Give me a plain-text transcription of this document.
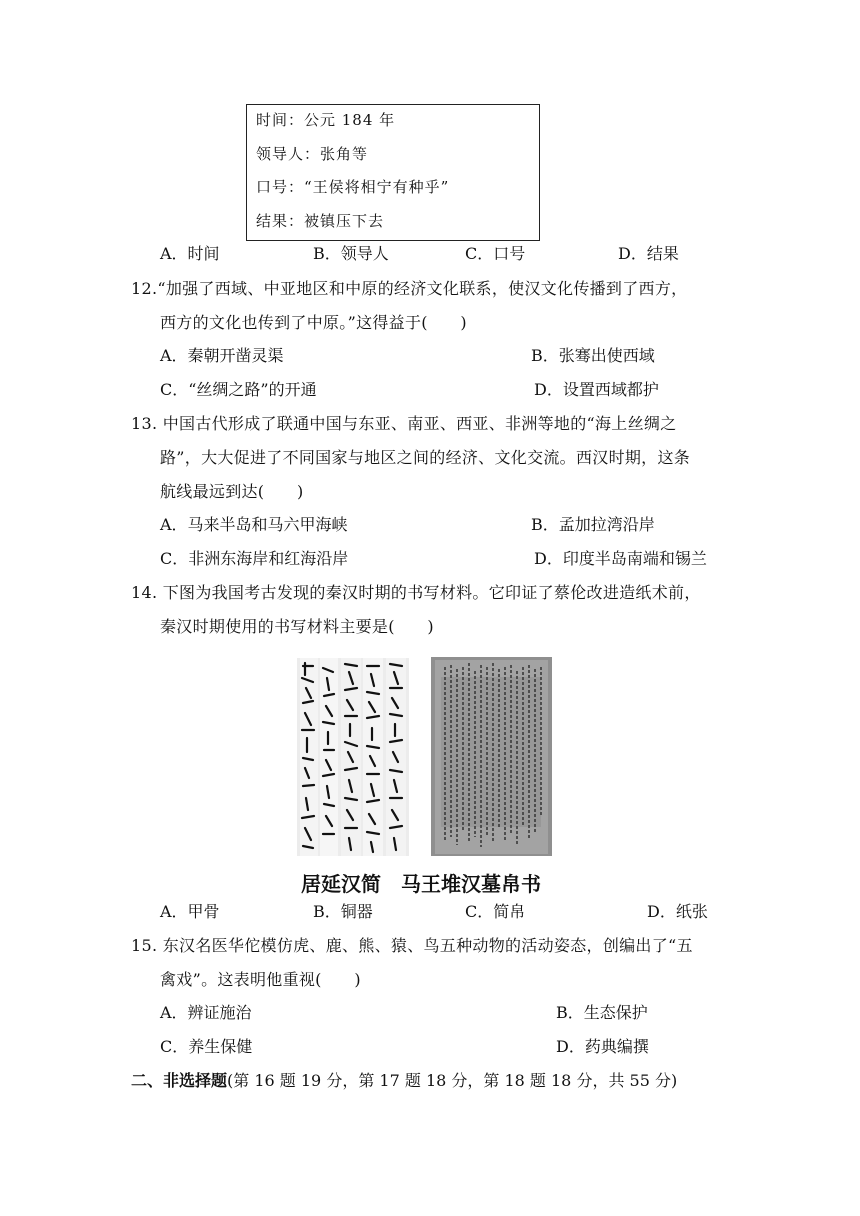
时间：公元 184 年
领导人：张角等
口号：“王侯将相宁有种乎”
结果：被镇压下去
A．时间	B．领导人	C．口号	D．结果
12.“加强了西域、中亚地区和中原的经济文化联系，使汉文化传播到了西方，
西方的文化也传到了中原。”这得益于(　　)
A．秦朝开凿灵渠	B．张骞出使西域
C．“丝绸之路”的开通	D．设置西域都护
13. 中国古代形成了联通中国与东亚、南亚、西亚、非洲等地的“海上丝绸之
路”，大大促进了不同国家与地区之间的经济、文化交流。西汉时期，这条
航线最远到达(　　)
A．马来半岛和马六甲海峡	B．孟加拉湾沿岸
C．非洲东海岸和红海沿岸	D．印度半岛南端和锡兰
14. 下图为我国考古发现的秦汉时期的书写材料。它印证了蔡伦改进造纸术前，
秦汉时期使用的书写材料主要是(　　)
居延汉简　马王堆汉墓帛书
A．甲骨	B．铜器	C．简帛	D．纸张
15. 东汉名医华佗模仿虎、鹿、熊、猿、鸟五种动物的活动姿态，创编出了“五
禽戏”。这表明他重视(　　)
A．辨证施治	B．生态保护
C．养生保健	D．药典编撰
二、非选择题(第 16 题 19 分，第 17 题 18 分，第 18 题 18 分，共 55 分)
